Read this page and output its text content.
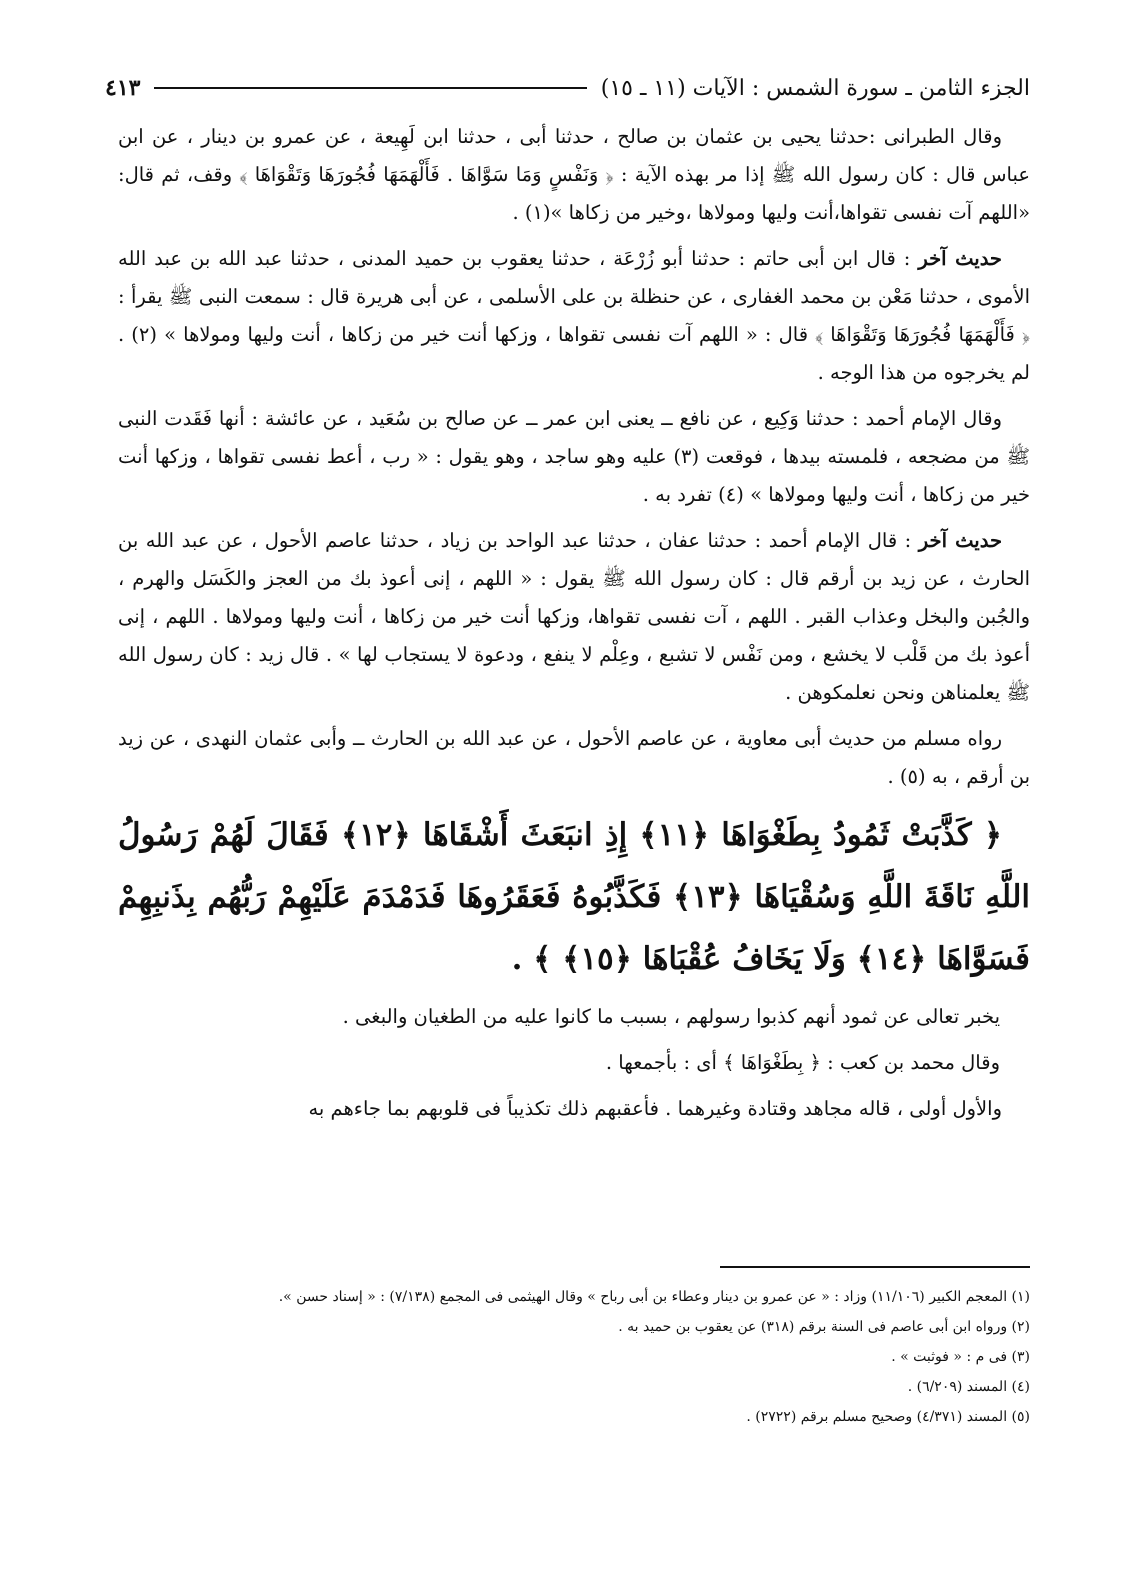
الجزء الثامن ـ سورة الشمس : الآيات (١١ ـ ١٥)
٤١٣

وقال الطبرانى :حدثنا يحيى بن عثمان بن صالح ، حدثنا أبى ، حدثنا ابن لَهِيعة ، عن عمرو بن دينار ، عن ابن عباس قال : كان رسول الله ﷺ إذا مر بهذه الآية : ﴿ وَنَفْسٍ وَمَا سَوَّاهَا . فَأَلْهَمَهَا فُجُورَهَا وَتَقْوَاهَا ﴾ وقف، ثم قال: «اللهم آت نفسى تقواها،أنت وليها ومولاها ،وخير من زكاها »(١) .

حديث آخر : قال ابن أبى حاتم : حدثنا أبو زُرْعَة ، حدثنا يعقوب بن حميد المدنى ، حدثنا عبد الله بن عبد الله الأموى ، حدثنا مَعْن بن محمد الغفارى ، عن حنظلة بن على الأسلمى ، عن أبى هريرة قال : سمعت النبى ﷺ يقرأ : ﴿ فَأَلْهَمَهَا فُجُورَهَا وَتَقْوَاهَا ﴾ قال : « اللهم آت نفسى تقواها ، وزكها أنت خير من زكاها ، أنت وليها ومولاها » (٢) . لم يخرجوه من هذا الوجه .

وقال الإمام أحمد : حدثنا وَكِيع ، عن نافع ــ يعنى ابن عمر ــ عن صالح بن سُعَيد ، عن عائشة : أنها فَقَدت النبى ﷺ من مضجعه ، فلمسته بيدها ، فوقعت (٣) عليه وهو ساجد ، وهو يقول : « رب ، أعط نفسى تقواها ، وزكها أنت خير من زكاها ، أنت وليها ومولاها » (٤) تفرد به .

حديث آخر : قال الإمام أحمد : حدثنا عفان ، حدثنا عبد الواحد بن زياد ، حدثنا عاصم الأحول ، عن عبد الله بن الحارث ، عن زيد بن أرقم قال : كان رسول الله ﷺ يقول : « اللهم ، إنى أعوذ بك من العجز والكَسَل والهرم ، والجُبن والبخل وعذاب القبر . اللهم ، آت نفسى تقواها، وزكها أنت خير من زكاها ، أنت وليها ومولاها . اللهم ، إنى أعوذ بك من قَلْب لا يخشع ، ومن نَفْس لا تشبع ، وعِلْم لا ينفع ، ودعوة لا يستجاب لها » . قال زيد : كان رسول الله ﷺ يعلمناهن ونحن نعلمكوهن .

رواه مسلم من حديث أبى معاوية ، عن عاصم الأحول ، عن عبد الله بن الحارث ــ وأبى عثمان النهدى ، عن زيد بن أرقم ، به (٥) .

﴿ كَذَّبَتْ ثَمُودُ بِطَغْوَاهَا ﴿١١﴾ إِذِ انبَعَثَ أَشْقَاهَا ﴿١٢﴾ فَقَالَ لَهُمْ رَسُولُ اللَّهِ نَاقَةَ اللَّهِ وَسُقْيَاهَا ﴿١٣﴾ فَكَذَّبُوهُ فَعَقَرُوهَا فَدَمْدَمَ عَلَيْهِمْ رَبُّهُم بِذَنبِهِمْ فَسَوَّاهَا ﴿١٤﴾ وَلَا يَخَافُ عُقْبَاهَا ﴿١٥﴾ ﴾ .

يخبر تعالى عن ثمود أنهم كذبوا رسولهم ، بسبب ما كانوا عليه من الطغيان والبغى .

وقال محمد بن كعب : ﴿ بِطَغْوَاهَا ﴾ أى : بأجمعها .

والأول أولى ، قاله مجاهد وقتادة وغيرهما . فأعقبهم ذلك تكذيباً فى قلوبهم بما جاءهم به

(١) المعجم الكبير (١١/١٠٦) وزاد : « عن عمرو بن دينار وعطاء بن أبى رباح » وقال الهيثمى فى المجمع (٧/١٣٨) : « إسناد حسن ».
(٢) ورواه ابن أبى عاصم فى السنة برقم (٣١٨) عن يعقوب بن حميد به .
(٣) فى م : « فوثبت » .
(٤) المسند (٦/٢٠٩) .
(٥) المسند (٤/٣٧١) وصحيح مسلم برقم (٢٧٢٢) .
